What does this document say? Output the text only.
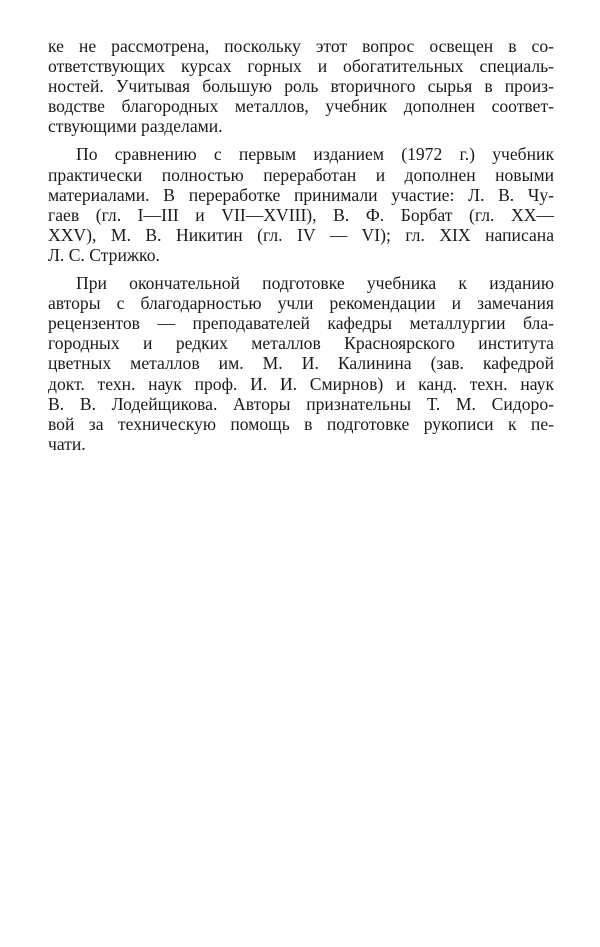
ке не рассмотрена, поскольку этот вопрос освещен в со-
ответствующих курсах горных и обогатительных специаль-
ностей. Учитывая большую роль вторичного сырья в произ-
водстве благородных металлов, учебник дополнен соответ-
ствующими разделами.
По сравнению с первым изданием (1972 г.) учебник
практически полностью переработан и дополнен новыми
материалами. В переработке принимали участие: Л. В. Чу-
гаев (гл. I—III и VII—XVIII), В. Ф. Борбат (гл. XX—
XXV), М. В. Никитин (гл. IV — VI); гл. XIX написана
Л. С. Стрижко.
При окончательной подготовке учебника к изданию
авторы с благодарностью учли рекомендации и замечания
рецензентов — преподавателей кафедры металлургии бла-
городных и редких металлов Красноярского института
цветных металлов им. М. И. Калинина (зав. кафедрой
докт. техн. наук проф. И. И. Смирнов) и канд. техн. наук
В. В. Лодейщикова. Авторы признательны Т. М. Сидоро-
вой за техническую помощь в подготовке рукописи к пе-
чати.
